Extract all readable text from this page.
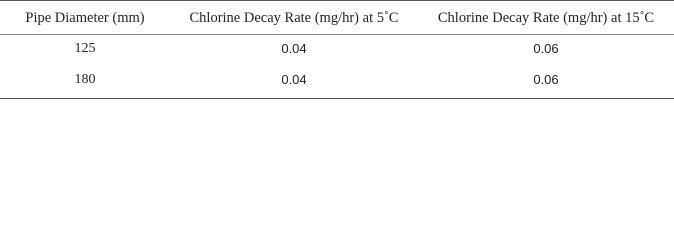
Pipe Diameter (mm)	Chlorine Decay Rate (mg/hr) at 5˚C	Chlorine Decay Rate (mg/hr) at 15˚C
125	0.04	0.06
180	0.04	0.06
